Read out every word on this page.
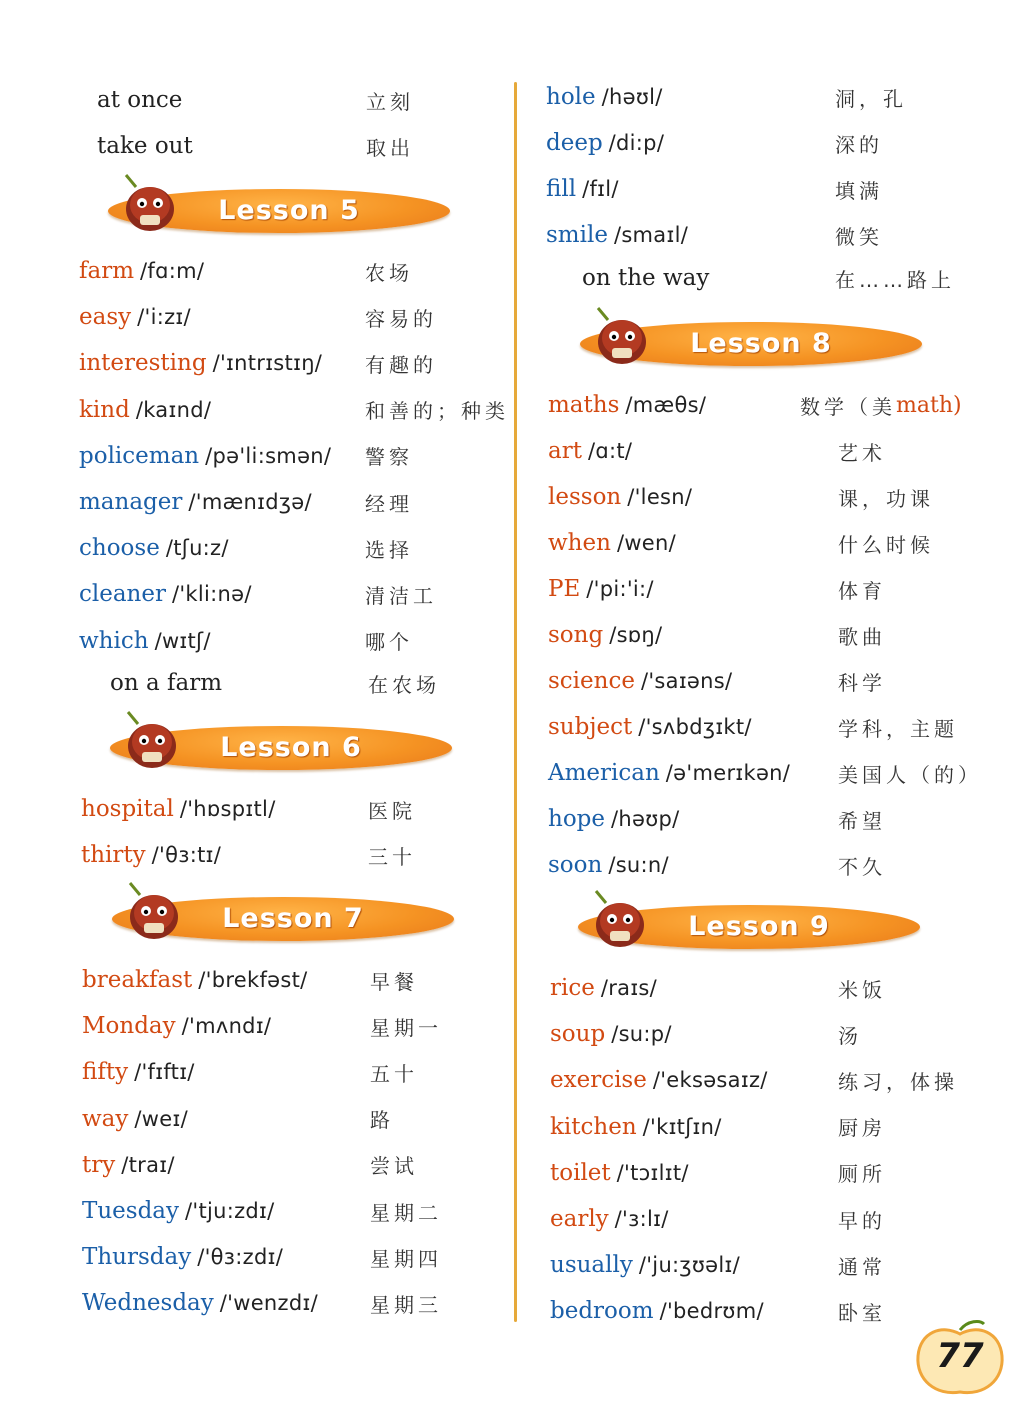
at once	立刻
take out	取出
Lesson 5
farm /fɑ:m/	农场
easy /'i:zɪ/	容易的
interesting /'ɪntrɪstɪŋ/ 有趣的
kind /kaɪnd/	和善的；种类
policeman /pə'li:smən/ 警察
manager /'mænɪdʒə/	经理
choose /tʃu:z/	选择
cleaner /'kli:nə/	清洁工
which /wɪtʃ/	哪个
on a farm	在农场
Lesson 6
hospital /'hɒspɪtl/	医院
thirty /'θɜ:tɪ/	三十
Lesson 7
breakfast /'brekfəst/	早餐
Monday /'mʌndɪ/	星期一
fifty /'fɪftɪ/	五十
way /weɪ/	路
try /traɪ/	尝试
Tuesday /'tju:zdɪ/	星期二
Thursday /'θɜ:zdɪ/	星期四
Wednesday /'wenzdɪ/	星期三
hole /həʊl/	洞，孔
deep /di:p/	深的
fill /fɪl/	填满
smile /smaɪl/	微笑
on the way	在……路上
Lesson 8
maths /mæθs/	数学（美 math)
art /ɑ:t/	艺术
lesson /'lesn/	课，功课
when /wen/	什么时候
PE /'pi:'i:/	体育
song /sɒŋ/	歌曲
science /'saɪəns/	科学
subject /'sʌbdʒɪkt/	学科，主题
American /ə'merɪkən/ 美国人（的）
hope /həʊp/	希望
soon /su:n/	不久
Lesson 9
rice /raɪs/	米饭
soup /su:p/	汤
exercise /'eksəsaɪz/	练习，体操
kitchen /'kɪtʃɪn/	厨房
toilet /'tɔɪlɪt/	厕所
early /'ɜ:lɪ/	早的
usually /'ju:ʒʊəlɪ/	通常
bedroom /'bedrʊm/	卧室
77
